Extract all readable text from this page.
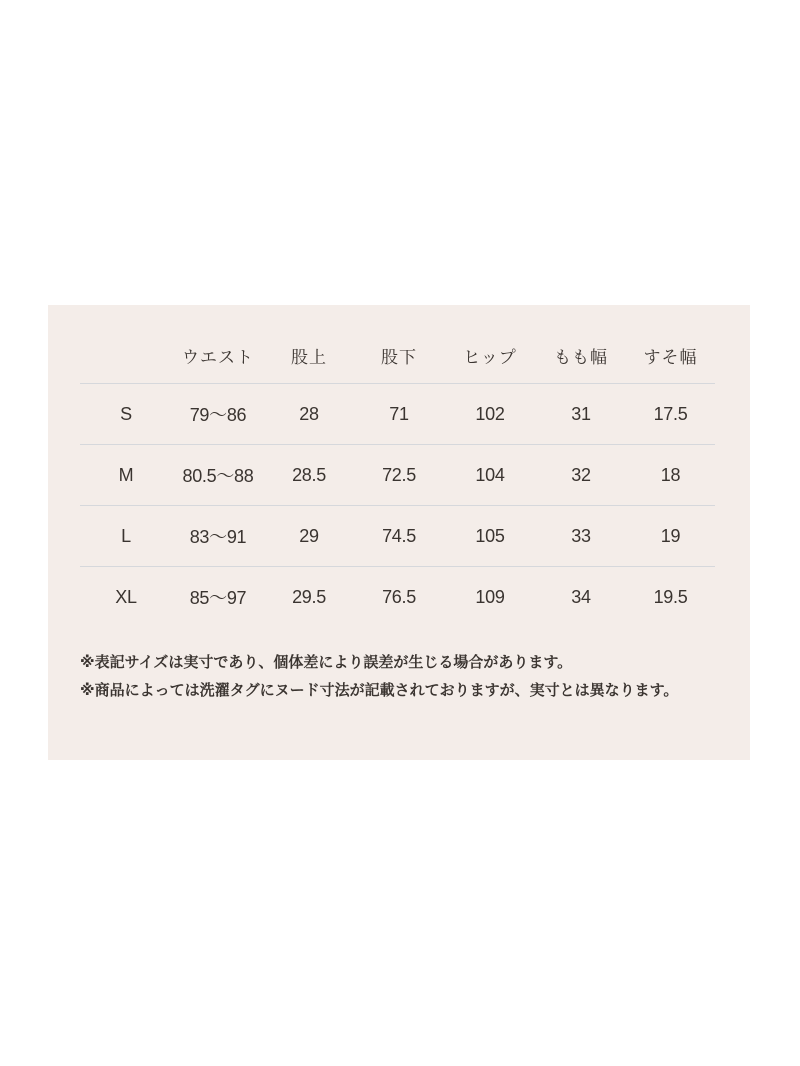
	ウエスト	股上	股下	ヒップ	もも幅	すそ幅
S	79〜86	28	71	102	31	17.5
M	80.5〜88	28.5	72.5	104	32	18
L	83〜91	29	74.5	105	33	19
XL	85〜97	29.5	76.5	109	34	19.5

※表記サイズは実寸であり、個体差により誤差が生じる場合があります。

※商品によっては洗濯タグにヌード寸法が記載されておりますが、実寸とは異なります。
